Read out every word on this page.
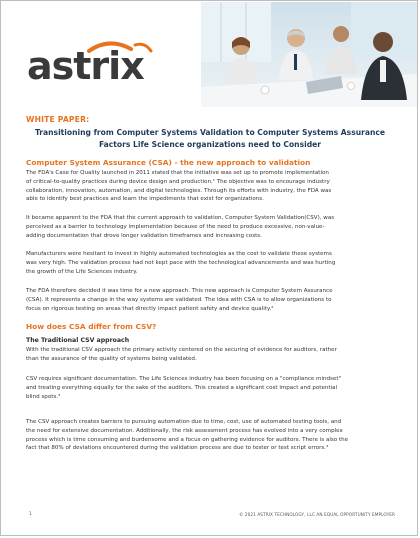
astrix
WHITE PAPER:
Transitioning from Computer Systems Validation to Computer Systems Assurance
Factors Life Science organizations need to Consider
Computer System Assurance (CSA) - the new approach to validation
The FDA's Case for Quality launched in 2011 stated that the initiative was set up to promote implementation
of critical-to-quality practices during device design and production.¹ The objective was to encourage industry
collaboration, innovation, automation, and digital technologies. Through its efforts with industry, the FDA was
able to identify best practices and learn the impediments that exist for organizations.
It became apparent to the FDA that the current approach to validation, Computer System Validation(CSV), was
perceived as a barrier to technology implementation because of the need to produce excessive, non-value-
adding documentation that drove longer validation timeframes and increasing costs.
Manufacturers were hesitant to invest in highly automated technologies as the cost to validate these systems
was very high. The validation process had not kept pace with the technological advancements and was hurting
the growth of the Life Sciences industry.
The FDA therefore decided it was time for a new approach. This new approach is Computer System Assurance
(CSA). It represents a change in the way systems are validated. The idea with CSA is to allow organizations to
focus on rigorous testing on areas that directly impact patient safety and device quality.²
How does CSA differ from CSV?
The Traditional CSV approach
With the traditional CSV approach the primary activity centered on the securing of evidence for auditors, rather
than the assurance of the quality of systems being validated.
CSV requires significant documentation. The Life Sciences industry has been focusing on a "compliance mindset"
and treating everything equally for the sake of the auditors. This created a significant cost impact and potential
blind spots.³
The CSV approach creates barriers to pursuing automation due to time, cost, use of automated testing tools, and
the need for extensive documentation. Additionally, the risk assessment process has evolved into a very complex
process which is time consuming and burdensome and a focus on gathering evidence for auditors. There is also the
fact that 80% of deviations encountered during the validation process are due to tester or test script errors.⁴
1	© 2021 ASTRIX TECHNOLOGY, LLC AN EQUAL OPPORTUNITY EMPLOYER
